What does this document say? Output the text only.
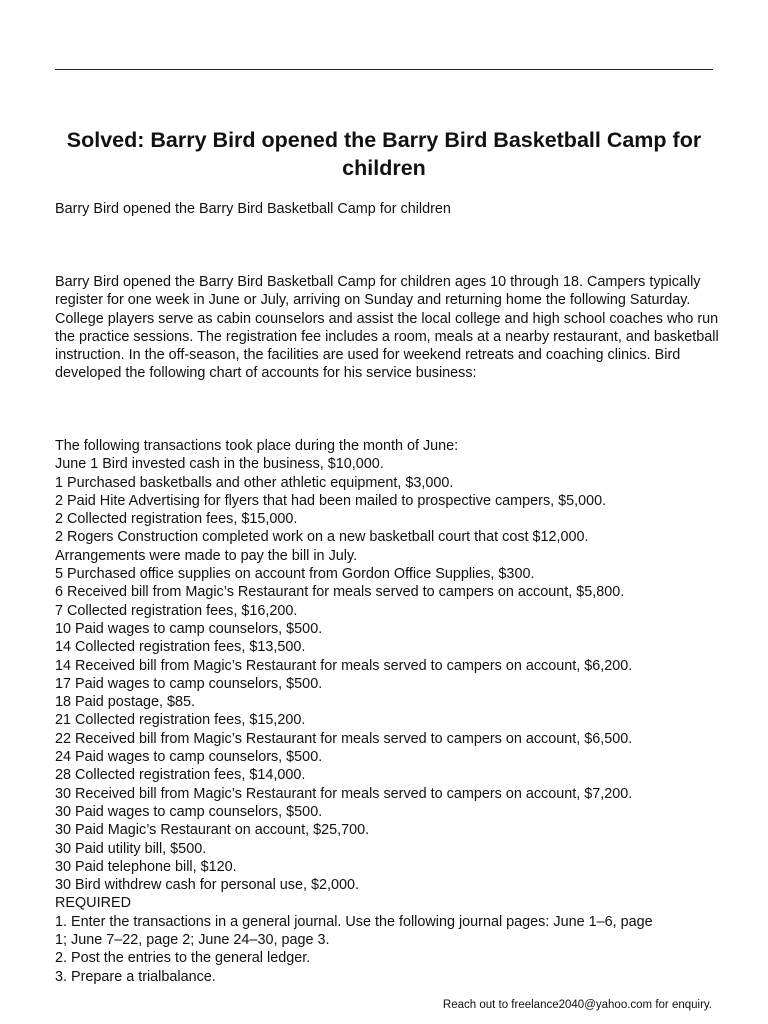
Solved: Barry Bird opened the Barry Bird Basketball Camp for children

Barry Bird opened the Barry Bird Basketball Camp for children

Barry Bird opened the Barry Bird Basketball Camp for children ages 10 through 18. Campers typically register for one week in June or July, arriving on Sunday and returning home the following Saturday. College players serve as cabin counselors and assist the local college and high school coaches who run the practice sessions. The registration fee includes a room, meals at a nearby restaurant, and basketball instruction. In the off-season, the facilities are used for weekend retreats and coaching clinics. Bird developed the following chart of accounts for his service business:

The following transactions took place during the month of June:
June 1 Bird invested cash in the business, $10,000.
1 Purchased basketballs and other athletic equipment, $3,000.
2 Paid Hite Advertising for flyers that had been mailed to prospective campers, $5,000.
2 Collected registration fees, $15,000.
2 Rogers Construction completed work on a new basketball court that cost $12,000.
Arrangements were made to pay the bill in July.
5 Purchased office supplies on account from Gordon Office Supplies, $300.
6 Received bill from Magic’s Restaurant for meals served to campers on account, $5,800.
7 Collected registration fees, $16,200.
10 Paid wages to camp counselors, $500.
14 Collected registration fees, $13,500.
14 Received bill from Magic’s Restaurant for meals served to campers on account, $6,200.
17 Paid wages to camp counselors, $500.
18 Paid postage, $85.
21 Collected registration fees, $15,200.
22 Received bill from Magic’s Restaurant for meals served to campers on account, $6,500.
24 Paid wages to camp counselors, $500.
28 Collected registration fees, $14,000.
30 Received bill from Magic’s Restaurant for meals served to campers on account, $7,200.
30 Paid wages to camp counselors, $500.
30 Paid Magic’s Restaurant on account, $25,700.
30 Paid utility bill, $500.
30 Paid telephone bill, $120.
30 Bird withdrew cash for personal use, $2,000.
REQUIRED
1. Enter the transactions in a general journal. Use the following journal pages: June 1–6, page
1; June 7–22, page 2; June 24–30, page 3.
2. Post the entries to the general ledger.
3. Prepare a trialbalance.

Reach out to freelance2040@yahoo.com for enquiry.
